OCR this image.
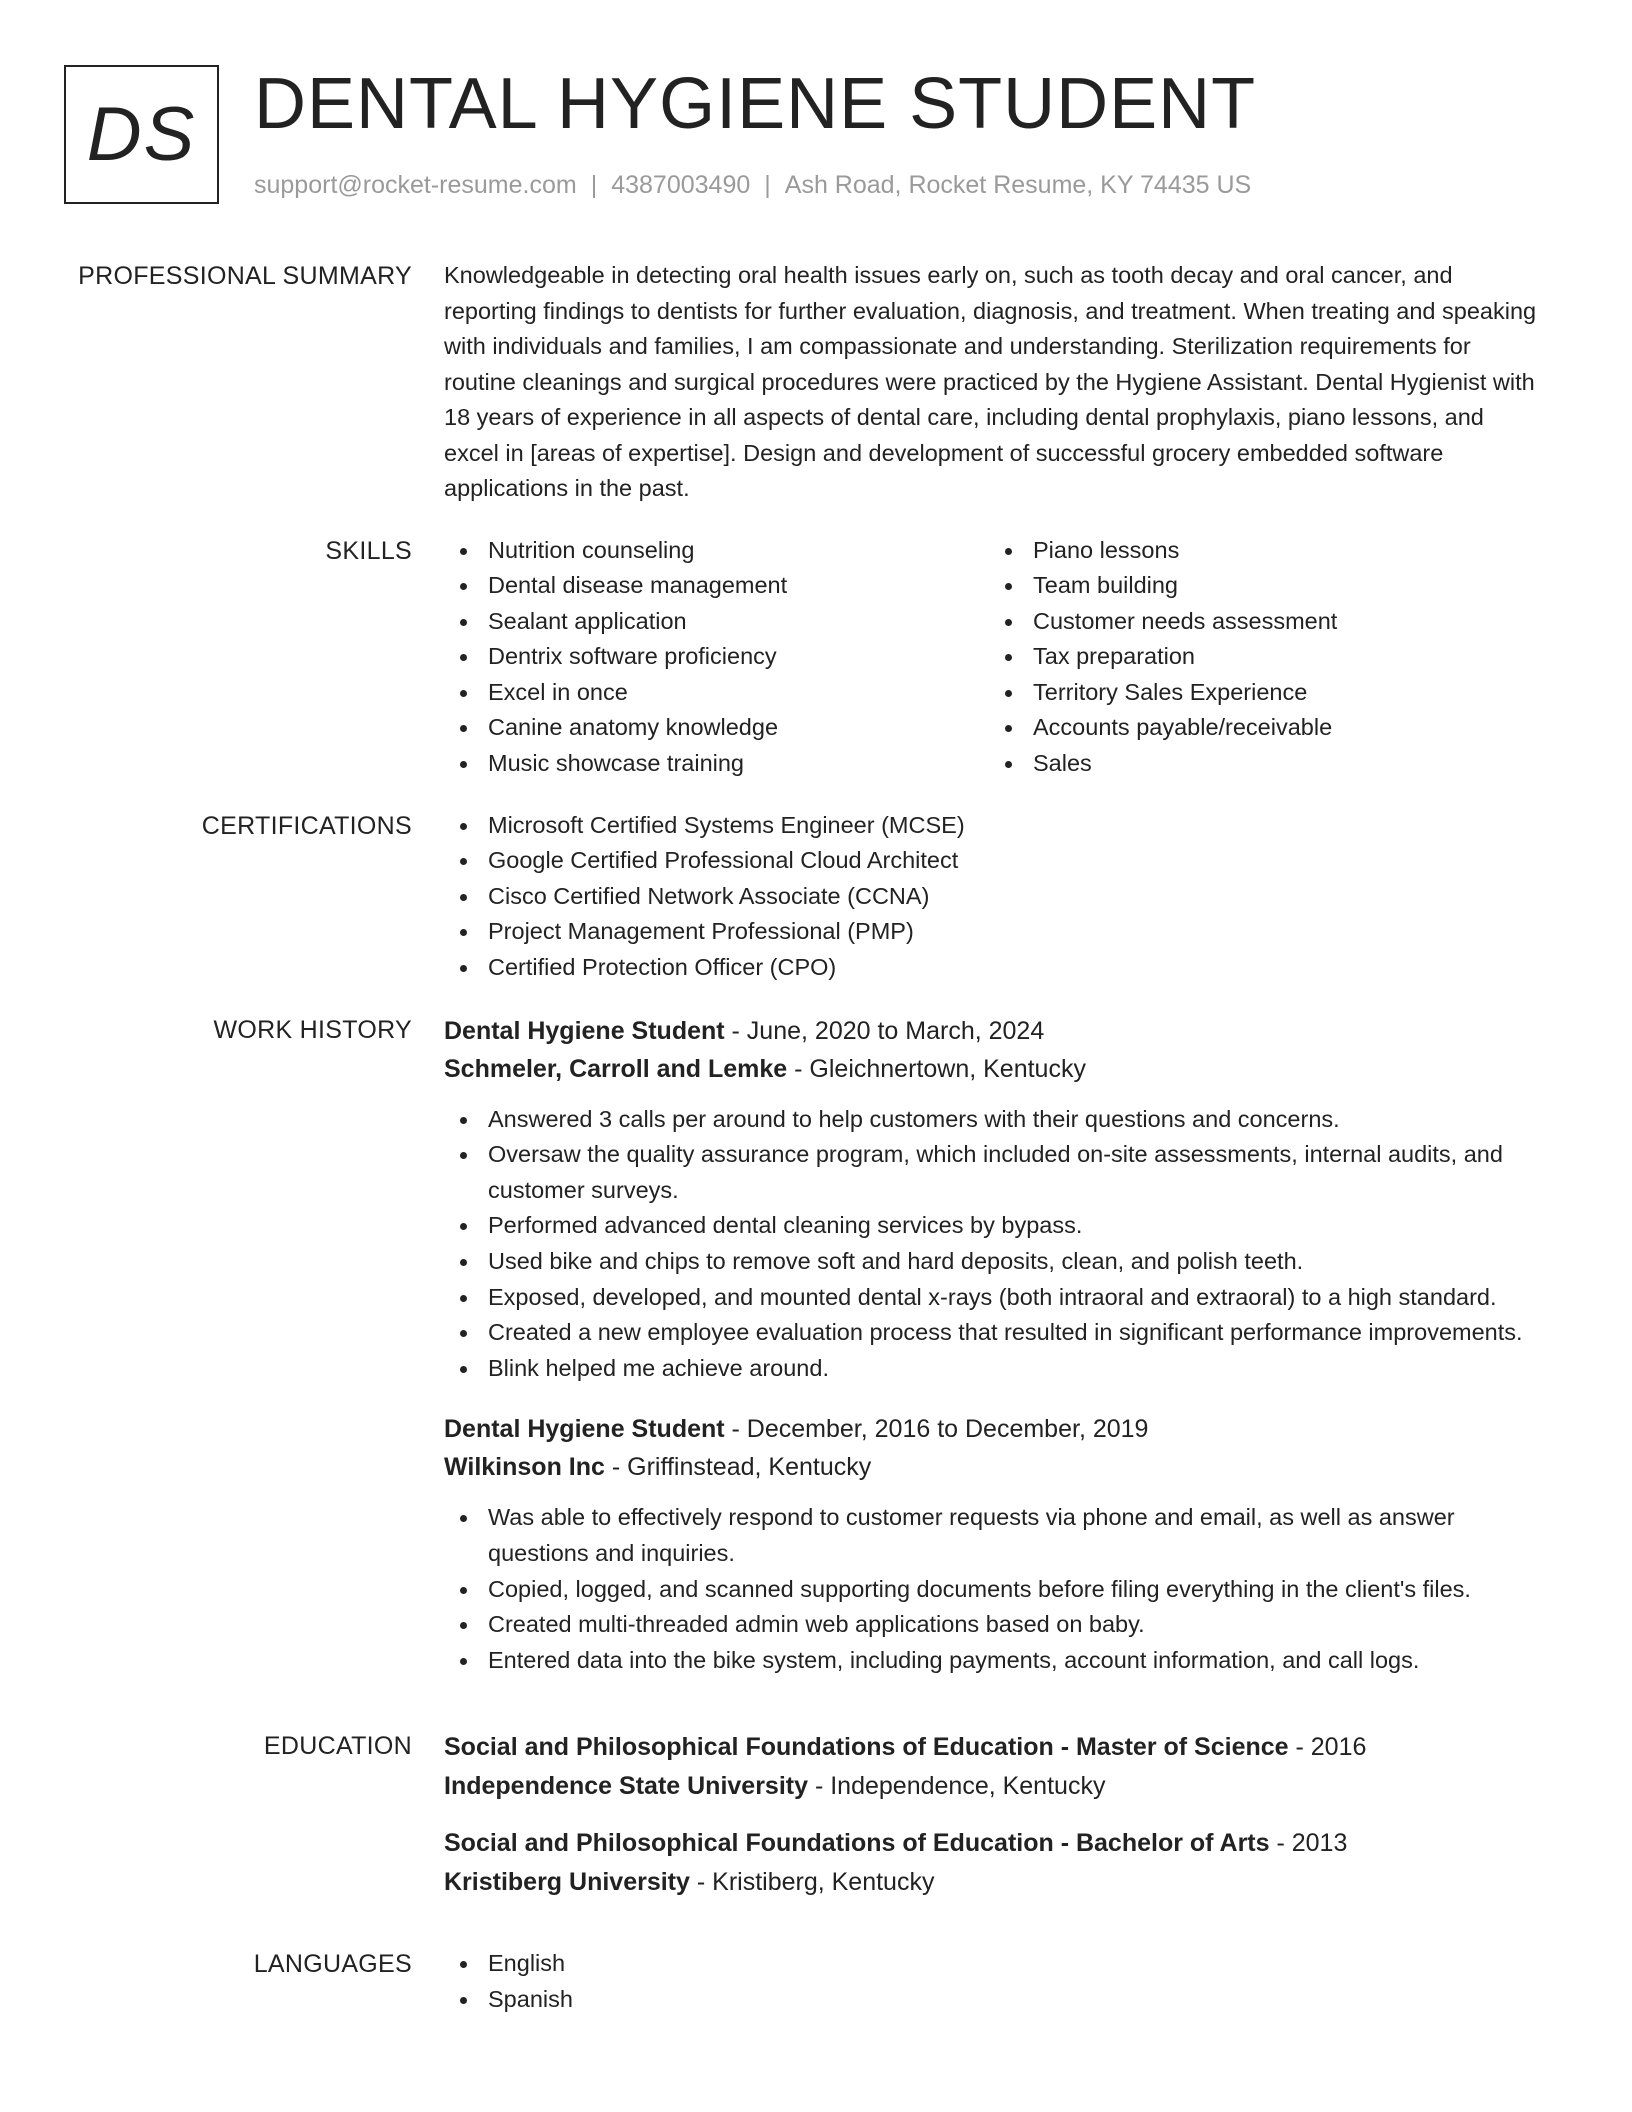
DS DENTAL HYGIENE STUDENT
support@rocket-resume.com | 4387003490 | Ash Road, Rocket Resume, KY 74435 US
PROFESSIONAL SUMMARY Knowledgeable in detecting oral health issues early on, such as tooth decay and oral cancer, and reporting findings to dentists for further evaluation, diagnosis, and treatment. When treating and speaking with individuals and families, I am compassionate and understanding. Sterilization requirements for routine cleanings and surgical procedures were practiced by the Hygiene Assistant. Dental Hygienist with 18 years of experience in all aspects of dental care, including dental prophylaxis, piano lessons, and excel in [areas of expertise]. Design and development of successful grocery embedded software applications in the past.

SKILLS	Nutrition counseling
Dental disease management
Sealant application
Dentrix software proficiency
Excel in once
Canine anatomy knowledge
Music showcase training
Piano lessons
Team building
Customer needs assessment
Tax preparation
Territory Sales Experience
Accounts payable/receivable
Sales
CERTIFICATIONS	Microsoft Certified Systems Engineer (MCSE)
Google Certified Professional Cloud Architect
Cisco Certified Network Associate (CCNA)
Project Management Professional (PMP)
Certified Protection Officer (CPO)
WORK HISTORY Dental Hygiene Student - June, 2020 to March, 2024
Schmeler, Carroll and Lemke - Gleichnertown, Kentucky
Answered 3 calls per around to help customers with their questions and concerns.
Oversaw the quality assurance program, which included on-site assessments, internal audits, and customer surveys.
Performed advanced dental cleaning services by bypass.
Used bike and chips to remove soft and hard deposits, clean, and polish teeth.
Exposed, developed, and mounted dental x-rays (both intraoral and extraoral) to a high standard.
Created a new employee evaluation process that resulted in significant performance improvements.
Blink helped me achieve around.
Dental Hygiene Student - December, 2016 to December, 2019
Wilkinson Inc - Griffinstead, Kentucky
Was able to effectively respond to customer requests via phone and email, as well as answer questions and inquiries.
Copied, logged, and scanned supporting documents before filing everything in the client's files.
Created multi-threaded admin web applications based on baby.
Entered data into the bike system, including payments, account information, and call logs.
EDUCATION Social and Philosophical Foundations of Education - Master of Science - 2016
Independence State University - Independence, Kentucky
Social and Philosophical Foundations of Education - Bachelor of Arts - 2013
Kristiberg University - Kristiberg, Kentucky
LANGUAGES	English
Spanish
